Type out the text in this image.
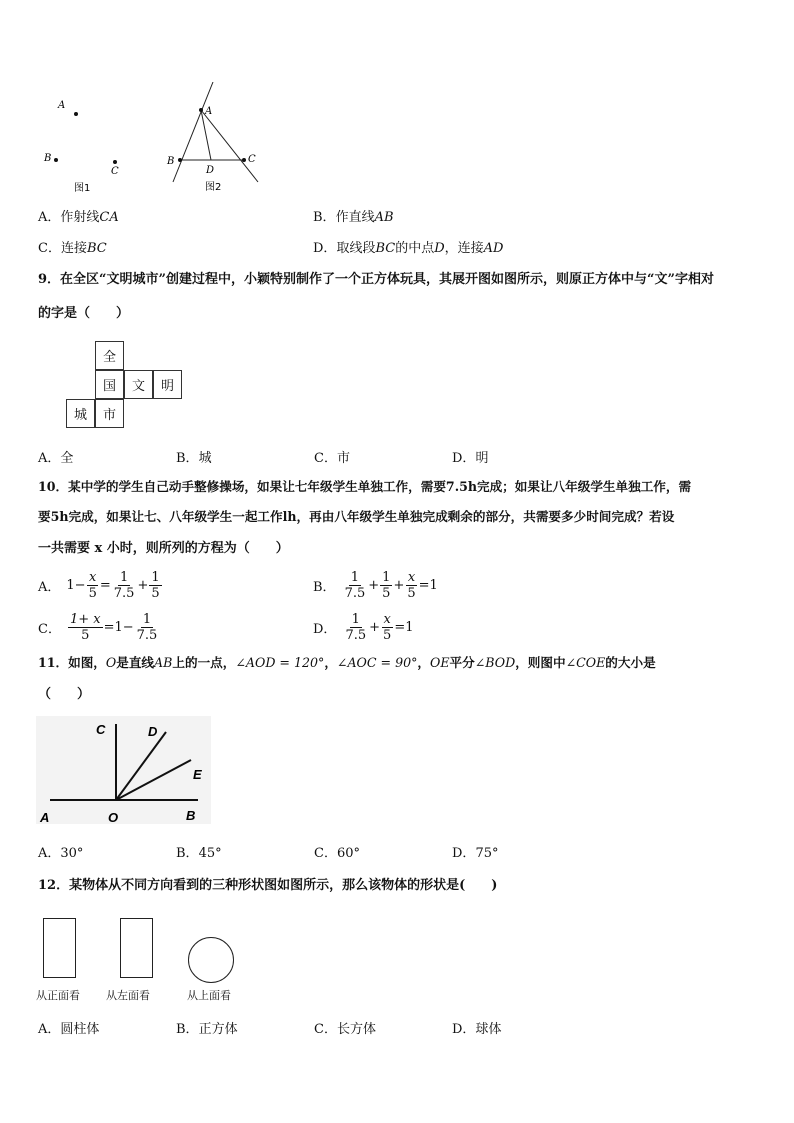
A
B
C
图1
A
B	C
D
图2
A．作射线CA	B．作直线AB
C．连接BC	D．取线段BC的中点D，连接AD
9．在全区“文明城市”创建过程中，小颖特别制作了一个正方体玩具，其展开图如图所示，则原正方体中与“文”字相对
的字是（　　）
全
国	文	明
城	市
A．全	B．城	C．市	D．明
10．某中学的学生自己动手整修操场，如果让七年级学生单独工作，需要7.5h完成；如果让八年级学生单独工作，需
要5h完成，如果让七、八年级学生一起工作lh，再由八年级学生单独完成剩余的部分，共需要多少时间完成？若设
一共需要 x 小时，则所列的方程为（　　）
A． $1- \frac{x}{5} = \frac{1}{7.5} + \frac{1}{5}$	B． $\frac{1}{7.5} + \frac{1}{5} + \frac{x}{5} =1$
C． $\frac{1+ x}{5} =1- \frac{1}{7.5}$	D． $\frac{1}{7.5} + \frac{x}{5} =1$
11．如图，O是直线AB上的一点，∠AOD = 120°，∠AOC = 90°，OE平分∠BOD，则图中∠COE的大小是
（　　）
A	O	B
C	D
E
A．30°	B．45°	C．60°	D．75°
12．某物体从不同方向看到的三种形状图如图所示，那么该物体的形状是(　　)
从正面看 从左面看	从上面看
A．圆柱体	B．正方体	C．长方体	D．球体
